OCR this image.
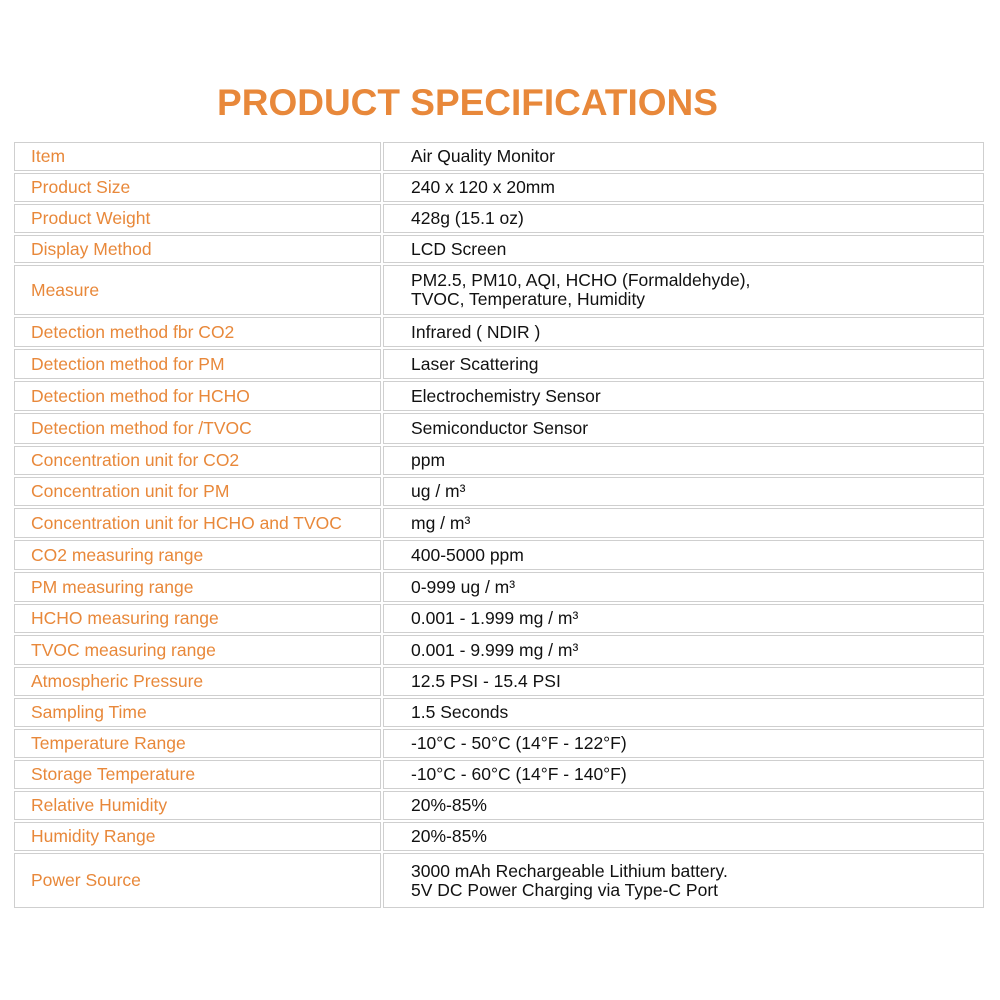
PRODUCT SPECIFICATIONS
Item	Air Quality Monitor

Product Size	240 x 120 x 20mm

Product Weight	428g (15.1 oz)

Display Method	LCD Screen

Measure	PM2.5, PM10, AQI, HCHO (Formaldehyde),
TVOC, Temperature, Humidity

Detection method fbr CO2	Infrared ( NDIR )

Detection method for PM	Laser Scattering

Detection method for HCHO	Electrochemistry Sensor

Detection method for /TVOC	Semiconductor Sensor

Concentration unit for CO2	ppm

Concentration unit for PM	ug / m³

Concentration unit for HCHO and TVOC	mg / m³

CO2 measuring range	400-5000 ppm

PM measuring range	0-999 ug / m³

HCHO measuring range	0.001 - 1.999 mg / m³

TVOC measuring range	0.001 - 9.999 mg / m³

Atmospheric Pressure	12.5 PSI - 15.4 PSI

Sampling Time	1.5 Seconds

Temperature Range	-10°C - 50°C (14°F - 122°F)

Storage Temperature	-10°C - 60°C (14°F - 140°F)

Relative Humidity	20%-85%

Humidity Range	20%-85%

Power Source	3000 mAh Rechargeable Lithium battery.
5V DC Power Charging via Type-C Port
